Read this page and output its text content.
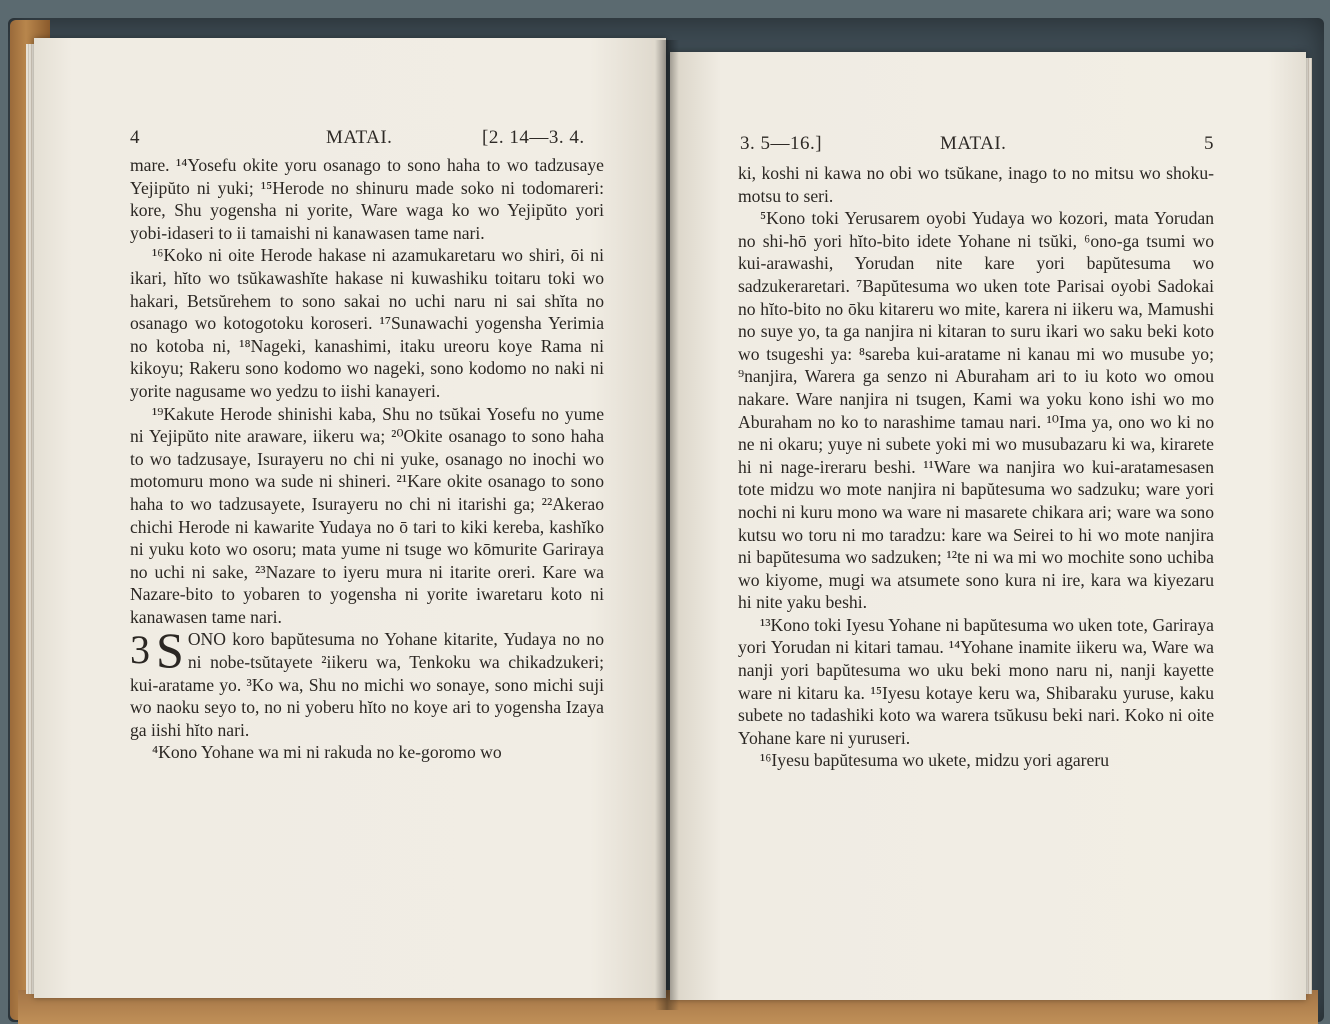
4	MATAI.	[2. 14—3. 4.

mare. ¹⁴Yosefu okite yoru osanago to sono haha to wo tadzusaye Yejipŭto ni yuki; ¹⁵Herode no shinuru made soko ni todomareri: kore, Shu yogensha ni yorite, Ware waga ko wo Yejipŭto yori yobi-idaseri to ii tamaishi ni kanawasen tame nari.

¹⁶Koko ni oite Herode hakase ni azamukaretaru wo shiri, ōi ni ikari, hĭto wo tsŭkawashĭte hakase ni kuwashiku toitaru toki wo hakari, Betsŭrehem to sono sakai no uchi naru ni sai shĭta no osanago wo kotogotoku koroseri. ¹⁷Sunawachi yogensha Yerimia no kotoba ni, ¹⁸Nageki, kanashimi, itaku ureoru koye Rama ni kikoyu; Rakeru sono kodomo wo nageki, sono kodomo no naki ni yorite nagusame wo yedzu to iishi kanayeri.

¹⁹Kakute Herode shinishi kaba, Shu no tsŭkai Yosefu no yume ni Yejipŭto nite araware, iikeru wa; ²⁰Okite osanago to sono haha to wo tadzusaye, Isurayeru no chi ni yuke, osanago no inochi wo motomuru mono wa sude ni shineri. ²¹Kare okite osanago to sono haha to wo tadzusayete, Isurayeru no chi ni itarishi ga; ²²Akerao chichi Herode ni kawarite Yudaya no ō tari to kiki kereba, kashĭko ni yuku koto wo osoru; mata yume ni tsuge wo kōmurite Gariraya no uchi ni sake, ²³Nazare to iyeru mura ni itarite oreri. Kare wa Nazare-bito to yobaren to yogensha ni yorite iwaretaru koto ni kanawasen tame nari.

3 S ONO koro bapŭtesuma no Yohane kitarite, Yudaya no no ni nobe-tsŭtayete ²iikeru wa, Tenkoku wa chikadzukeri; kui-aratame yo. ³Ko wa, Shu no michi wo sonaye, sono michi suji wo naoku seyo to, no ni yoberu hĭto no koye ari to yogensha Izaya ga iishi hĭto nari.

⁴Kono Yohane wa mi ni rakuda no ke-goromo wo

3. 5—16.]	MATAI.	5

ki, koshi ni kawa no obi wo tsŭkane, inago to no mitsu wo shoku-motsu to seri.

⁵Kono toki Yerusarem oyobi Yudaya wo kozori, mata Yorudan no shi-hō yori hĭto-bito idete Yohane ni tsŭki, ⁶ono-ga tsumi wo kui-arawashi, Yorudan nite kare yori bapŭtesuma wo sadzukeraretari. ⁷Bapŭtesuma wo uken tote Parisai oyobi Sadokai no hĭto-bito no ōku kitareru wo mite, karera ni iikeru wa, Mamushi no suye yo, ta ga nanjira ni kitaran to suru ikari wo saku beki koto wo tsugeshi ya: ⁸sareba kui-aratame ni kanau mi wo musube yo; ⁹nanjira, Warera ga senzo ni Aburaham ari to iu koto wo omou nakare. Ware nanjira ni tsugen, Kami wa yoku kono ishi wo mo Aburaham no ko to narashime tamau nari. ¹⁰Ima ya, ono wo ki no ne ni okaru; yuye ni subete yoki mi wo musubazaru ki wa, kirarete hi ni nage-ireraru beshi. ¹¹Ware wa nanjira wo kui-aratamesasen tote midzu wo mote nanjira ni bapŭtesuma wo sadzuku; ware yori nochi ni kuru mono wa ware ni masarete chikara ari; ware wa sono kutsu wo toru ni mo taradzu: kare wa Seirei to hi wo mote nanjira ni bapŭtesuma wo sadzuken; ¹²te ni wa mi wo mochite sono uchiba wo kiyome, mugi wa atsumete sono kura ni ire, kara wa kiyezaru hi nite yaku beshi.

¹³Kono toki Iyesu Yohane ni bapŭtesuma wo uken tote, Gariraya yori Yorudan ni kitari tamau. ¹⁴Yohane inamite iikeru wa, Ware wa nanji yori bapŭtesuma wo uku beki mono naru ni, nanji kayette ware ni kitaru ka. ¹⁵Iyesu kotaye keru wa, Shibaraku yuruse, kaku subete no tadashiki koto wa warera tsŭkusu beki nari. Koko ni oite Yohane kare ni yuruseri.

¹⁶Iyesu bapŭtesuma wo ukete, midzu yori agareru
